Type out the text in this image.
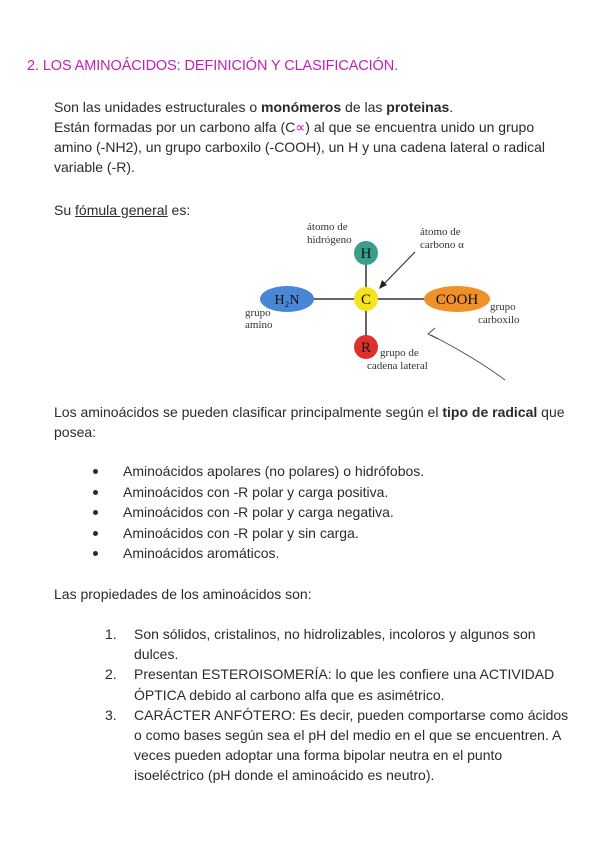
2. LOS AMINOÁCIDOS: DEFINICIÓN Y CLASIFICACIÓN.

Son las unidades estructurales o monómeros de las proteinas.

Están formadas por un carbono alfa (C∝) al que se encuentra unido un grupo amino (-NH2), un grupo carboxilo (-COOH), un H y una cadena lateral o radical variable (-R).

Su fómula general es:

H
C
H₂N	COOH
R
átomo de
hidrógeno
átomo de
carbono α
grupo
amino
grupo
carboxilo
grupo de
cadena lateral

Los aminoácidos se pueden clasificar principalmente según el tipo de radical que posea:

Aminoácidos apolares (no polares) o hidrófobos.
Aminoácidos con -R polar y carga positiva.
Aminoácidos con -R polar y carga negativa.
Aminoácidos con -R polar y sin carga.
Aminoácidos aromáticos.
Las propiedades de los aminoácidos son:
1. Son sólidos, cristalinos, no hidrolizables, incoloros y algunos son dulces.
2. Presentan ESTEROISOMERÍA: lo que les confiere una ACTIVIDAD ÓPTICA debido al carbono alfa que es asimétrico.
3. CARÁCTER ANFÓTERO: Es decir, pueden comportarse como ácidos o como bases según sea el pH del medio en el que se encuentren. A veces pueden adoptar una forma bipolar neutra en el punto isoeléctrico (pH donde el aminoácido es neutro).
